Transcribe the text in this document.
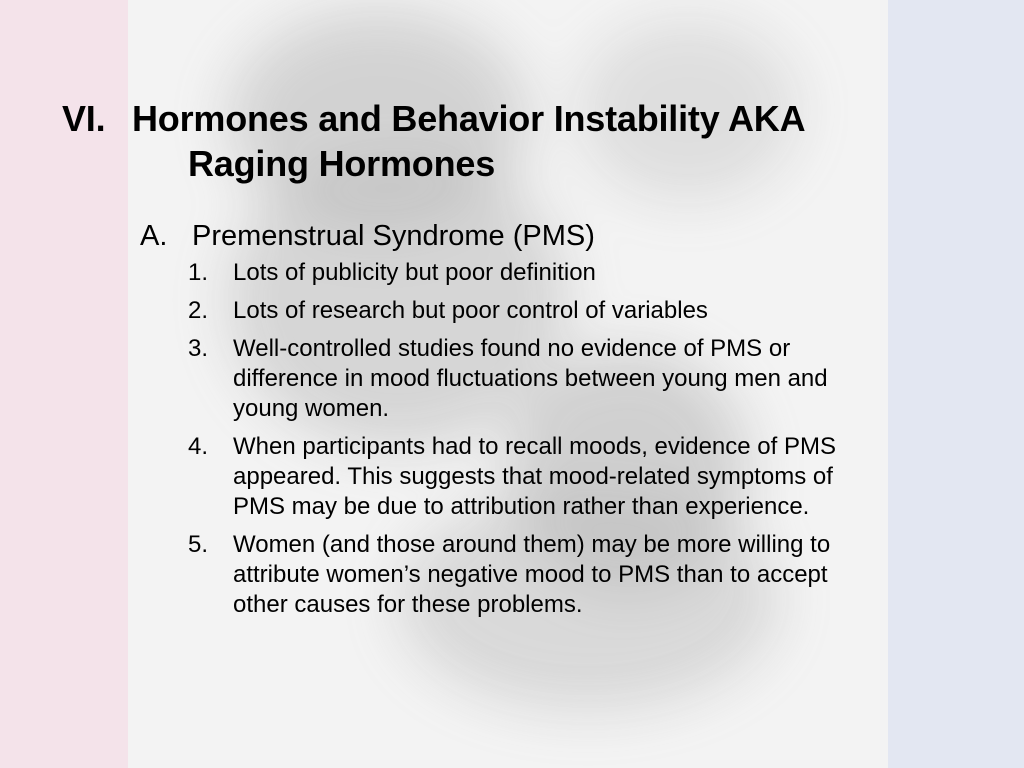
VI. Hormones and Behavior Instability AKA
Raging Hormones
A. Premenstrual Syndrome (PMS)
1.	Lots of publicity but poor definition
2.	Lots of research but poor control of variables
3.	Well-controlled studies found no evidence of PMS or difference in mood fluctuations between young men and young women.
4.	When participants had to recall moods, evidence of PMS appeared. This suggests that mood-related symptoms of PMS may be due to attribution rather than experience.
5.	Women (and those around them) may be more willing to attribute women’s negative mood to PMS than to accept other causes for these problems.
